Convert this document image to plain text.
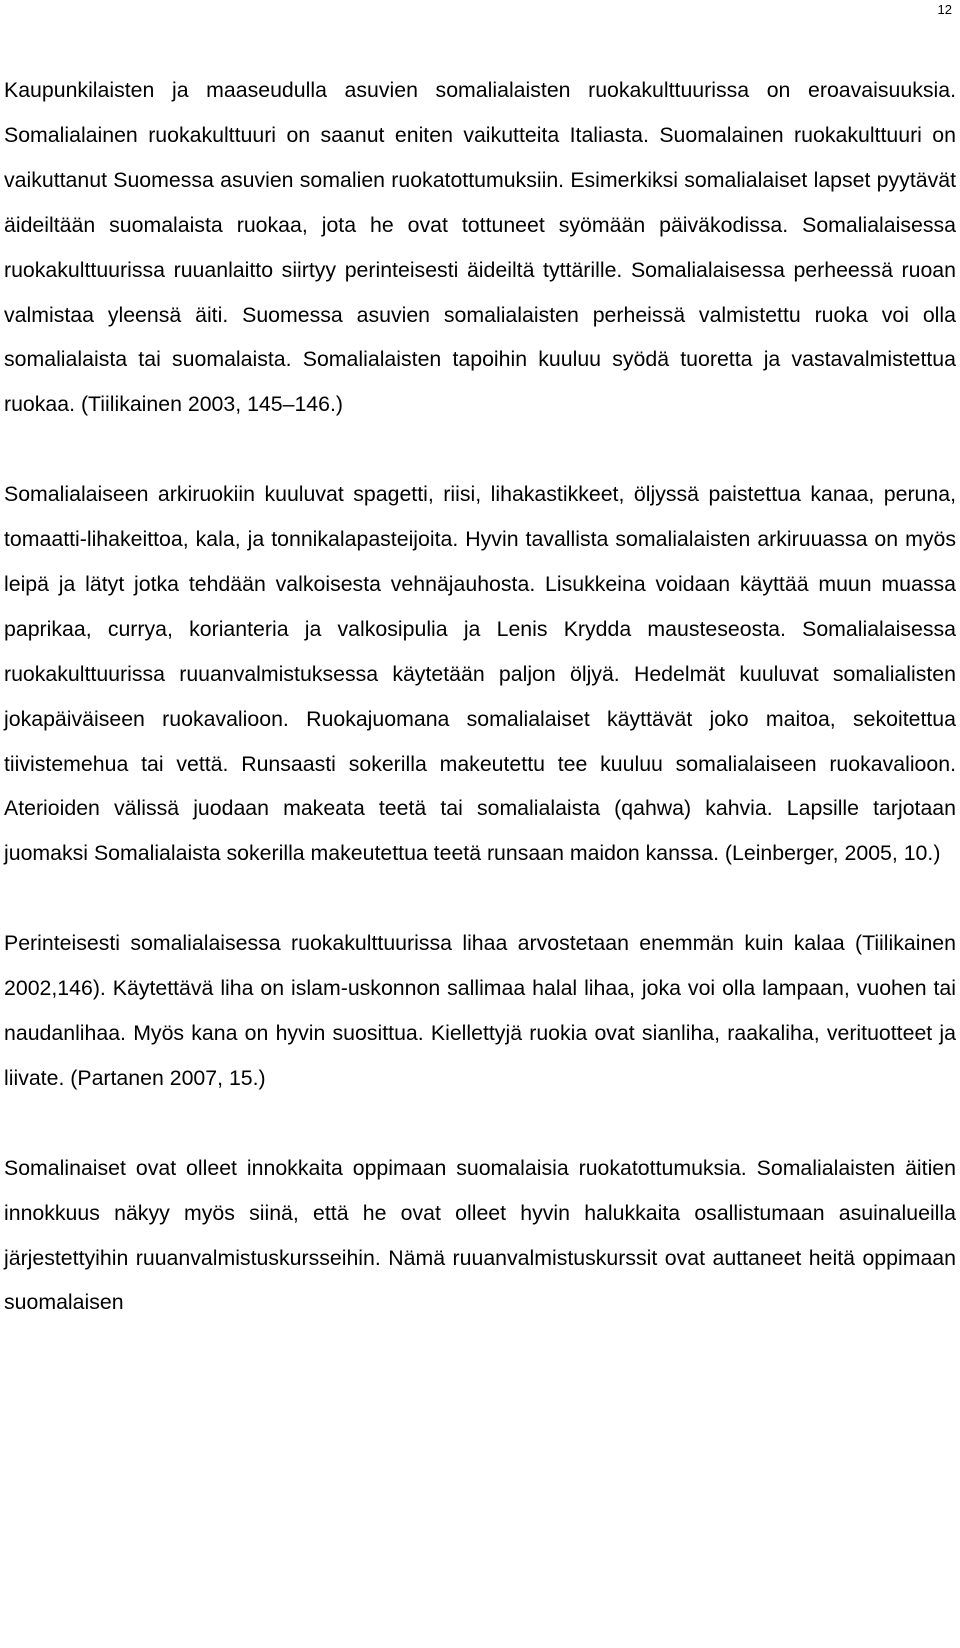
12

Kaupunkilaisten ja maaseudulla asuvien somalialaisten ruokakulttuurissa on eroavaisuuksia. Somalialainen ruokakulttuuri on saanut eniten vaikutteita Italiasta. Suomalainen ruokakulttuuri on vaikuttanut Suomessa asuvien somalien ruokatottumuksiin. Esimerkiksi somalialaiset lapset pyytävät äideiltään suomalaista ruokaa, jota he ovat tottuneet syömään päiväkodissa. Somalialaisessa ruokakulttuurissa ruuanlaitto siirtyy perinteisesti äideiltä tyttärille. Somalialaisessa perheessä ruoan valmistaa yleensä äiti. Suomessa asuvien somalialaisten perheissä valmistettu ruoka voi olla somalialaista tai suomalaista. Somalialaisten tapoihin kuuluu syödä tuoretta ja vastavalmistettua ruokaa. (Tiilikainen 2003, 145–146.)

Somalialaiseen arkiruokiin kuuluvat spagetti, riisi, lihakastikkeet, öljyssä paistettua kanaa, peruna, tomaatti-lihakeittoa, kala, ja tonnikalapasteijoita. Hyvin tavallista somalialaisten arkiruuassa on myös leipä ja lätyt jotka tehdään valkoisesta vehnäjauhosta. Lisukkeina voidaan käyttää muun muassa paprikaa, currya, korianteria ja valkosipulia ja Lenis Krydda mausteseosta. Somalialaisessa ruokakulttuurissa ruuanvalmistuksessa käytetään paljon öljyä. Hedelmät kuuluvat somalialisten jokapäiväiseen ruokavalioon. Ruokajuomana somalialaiset käyttävät joko maitoa, sekoitettua tiivistemehua tai vettä. Runsaasti sokerilla makeutettu tee kuuluu somalialaiseen ruokavalioon. Aterioiden välissä juodaan makeata teetä tai somalialaista (qahwa) kahvia. Lapsille tarjotaan juomaksi Somalialaista sokerilla makeutettua teetä runsaan maidon kanssa. (Leinberger, 2005, 10.)

Perinteisesti somalialaisessa ruokakulttuurissa lihaa arvostetaan enemmän kuin kalaa (Tiilikainen 2002,146). Käytettävä liha on islam-uskonnon sallimaa halal lihaa, joka voi olla lampaan, vuohen tai naudanlihaa. Myös kana on hyvin suosittua. Kiellettyjä ruokia ovat sianliha, raakaliha, verituotteet ja liivate. (Partanen 2007, 15.)

Somalinaiset ovat olleet innokkaita oppimaan suomalaisia ruokatottumuksia. Somalialaisten äitien innokkuus näkyy myös siinä, että he ovat olleet hyvin halukkaita osallistumaan asuinalueilla järjestettyihin ruuanvalmistuskursseihin. Nämä ruuanvalmistuskurssit ovat auttaneet heitä oppimaan suomalaisen
